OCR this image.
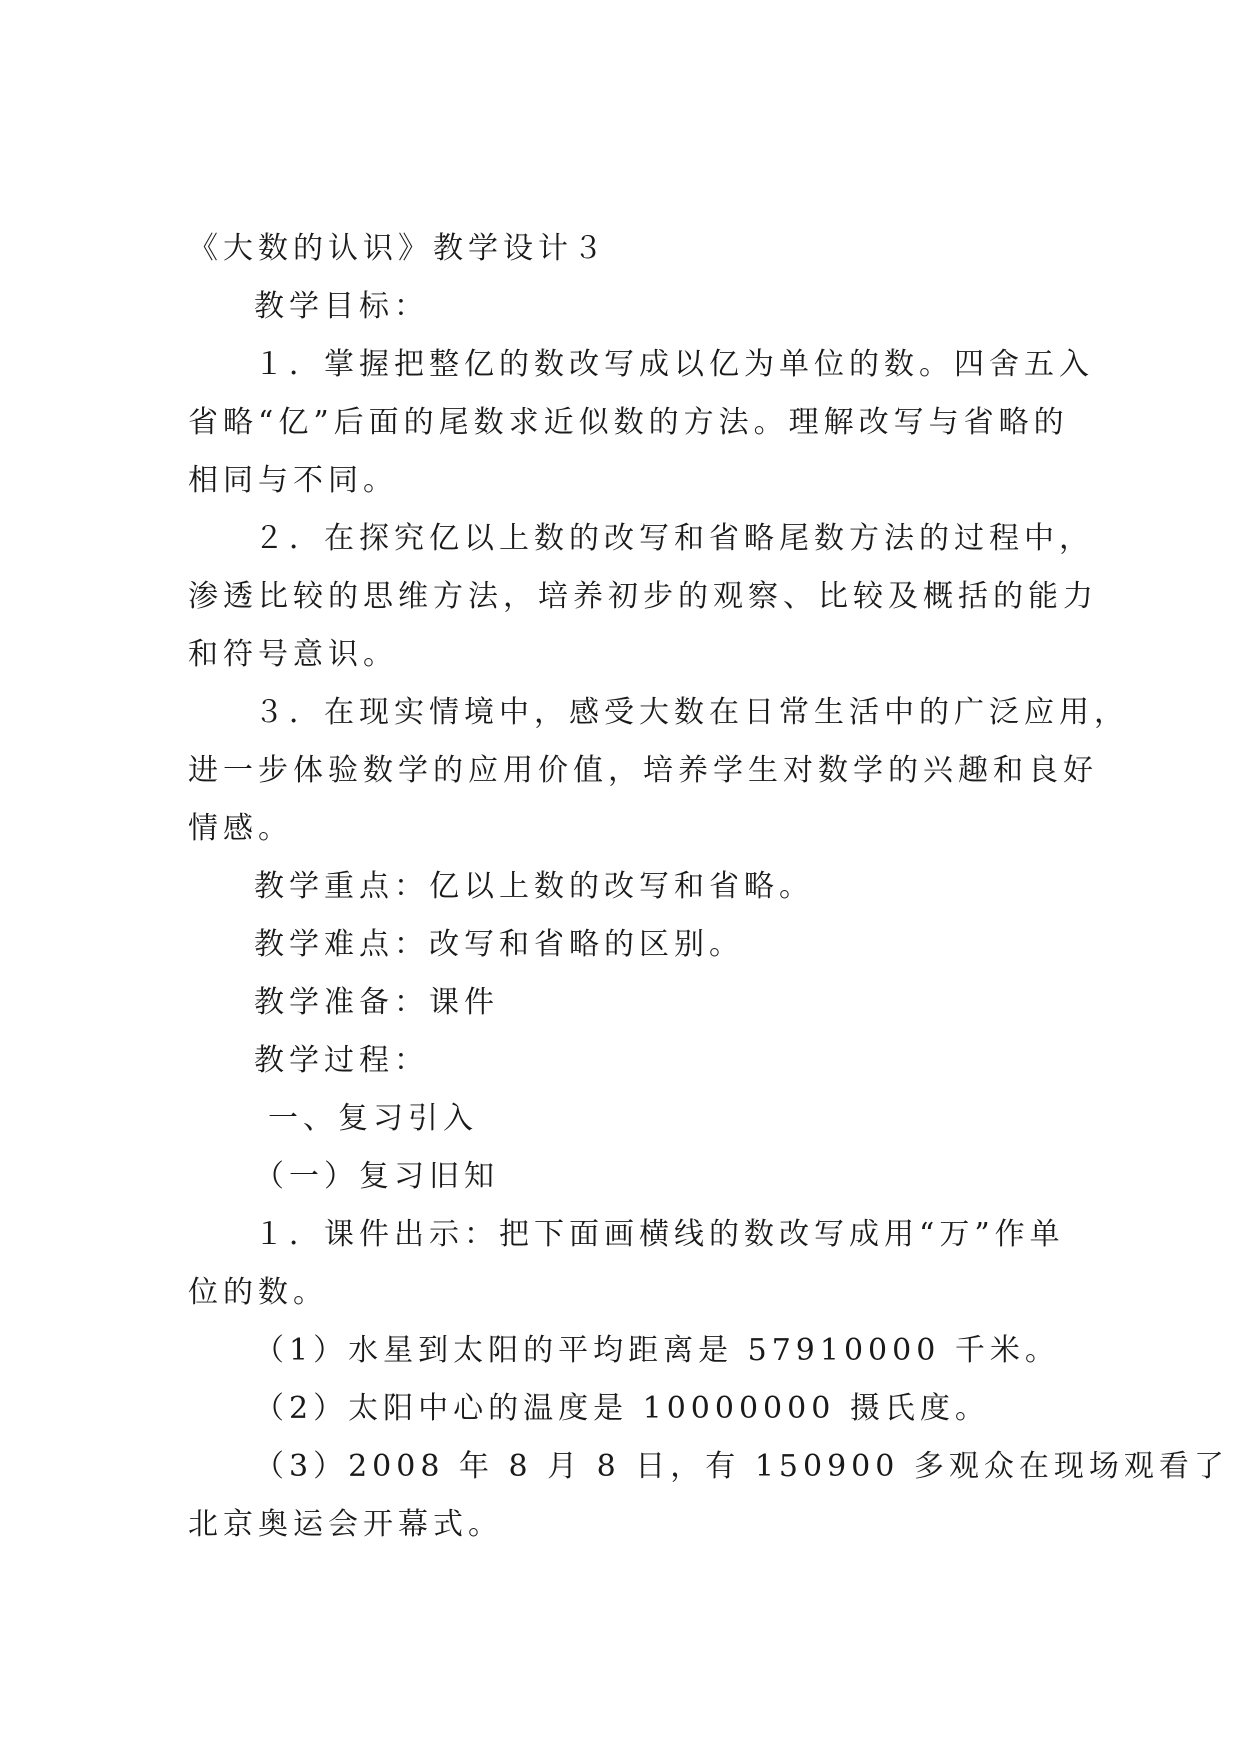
《大数的认识》教学设计３

教学目标：

１．掌握把整亿的数改写成以亿为单位的数。四舍五入

省略“亿”后面的尾数求近似数的方法。理解改写与省略的

相同与不同。

２．在探究亿以上数的改写和省略尾数方法的过程中，

渗透比较的思维方法，培养初步的观察、比较及概括的能力

和符号意识。

３．在现实情境中，感受大数在日常生活中的广泛应用，

进一步体验数学的应用价值，培养学生对数学的兴趣和良好

情感。

教学重点：亿以上数的改写和省略。

教学难点：改写和省略的区别。

教学准备：课件

教学过程：

一、复习引入

（一）复习旧知

１．课件出示：把下面画横线的数改写成用“万”作单

位的数。

（1）水星到太阳的平均距离是 57910000 千米。

（2）太阳中心的温度是 10000000 摄氏度。

（3）2008 年 8 月 8 日，有 150900 多观众在现场观看了

北京奥运会开幕式。
